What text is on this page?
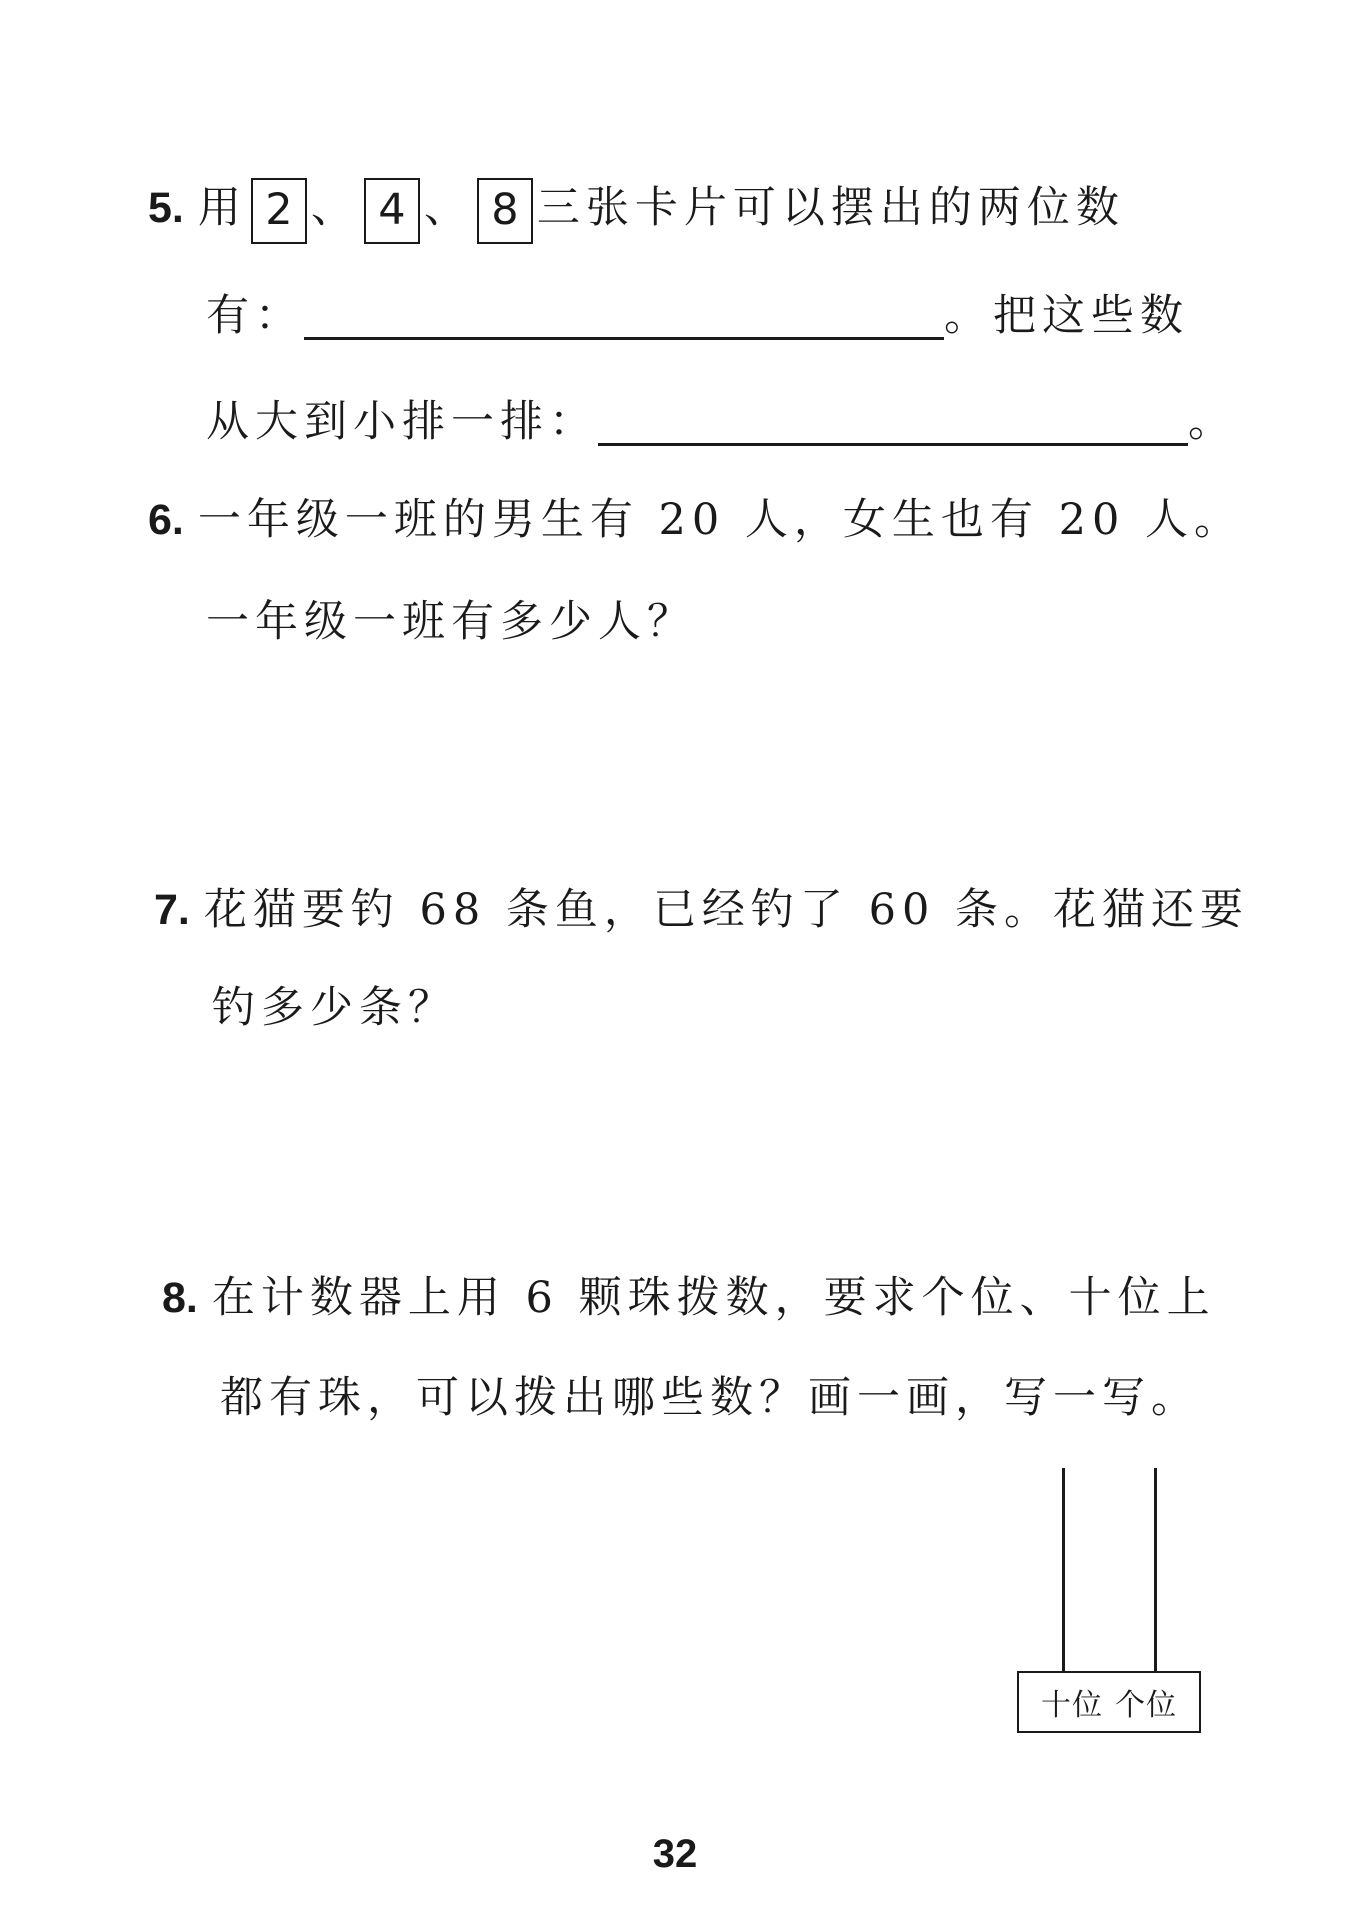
5. 用 2 、 4 、 8 三张卡片可以摆出的两位数
有：	。把这些数
从大到小排一排：	。
6. 一年级一班的男生有 20 人，女生也有 20 人。
一年级一班有多少人？
7. 花猫要钓 68 条鱼，已经钓了 60 条。花猫还要
钓多少条？
8. 在计数器上用 6 颗珠拨数，要求个位、十位上
都有珠，可以拨出哪些数？画一画，写一写。
十位 个位
32
